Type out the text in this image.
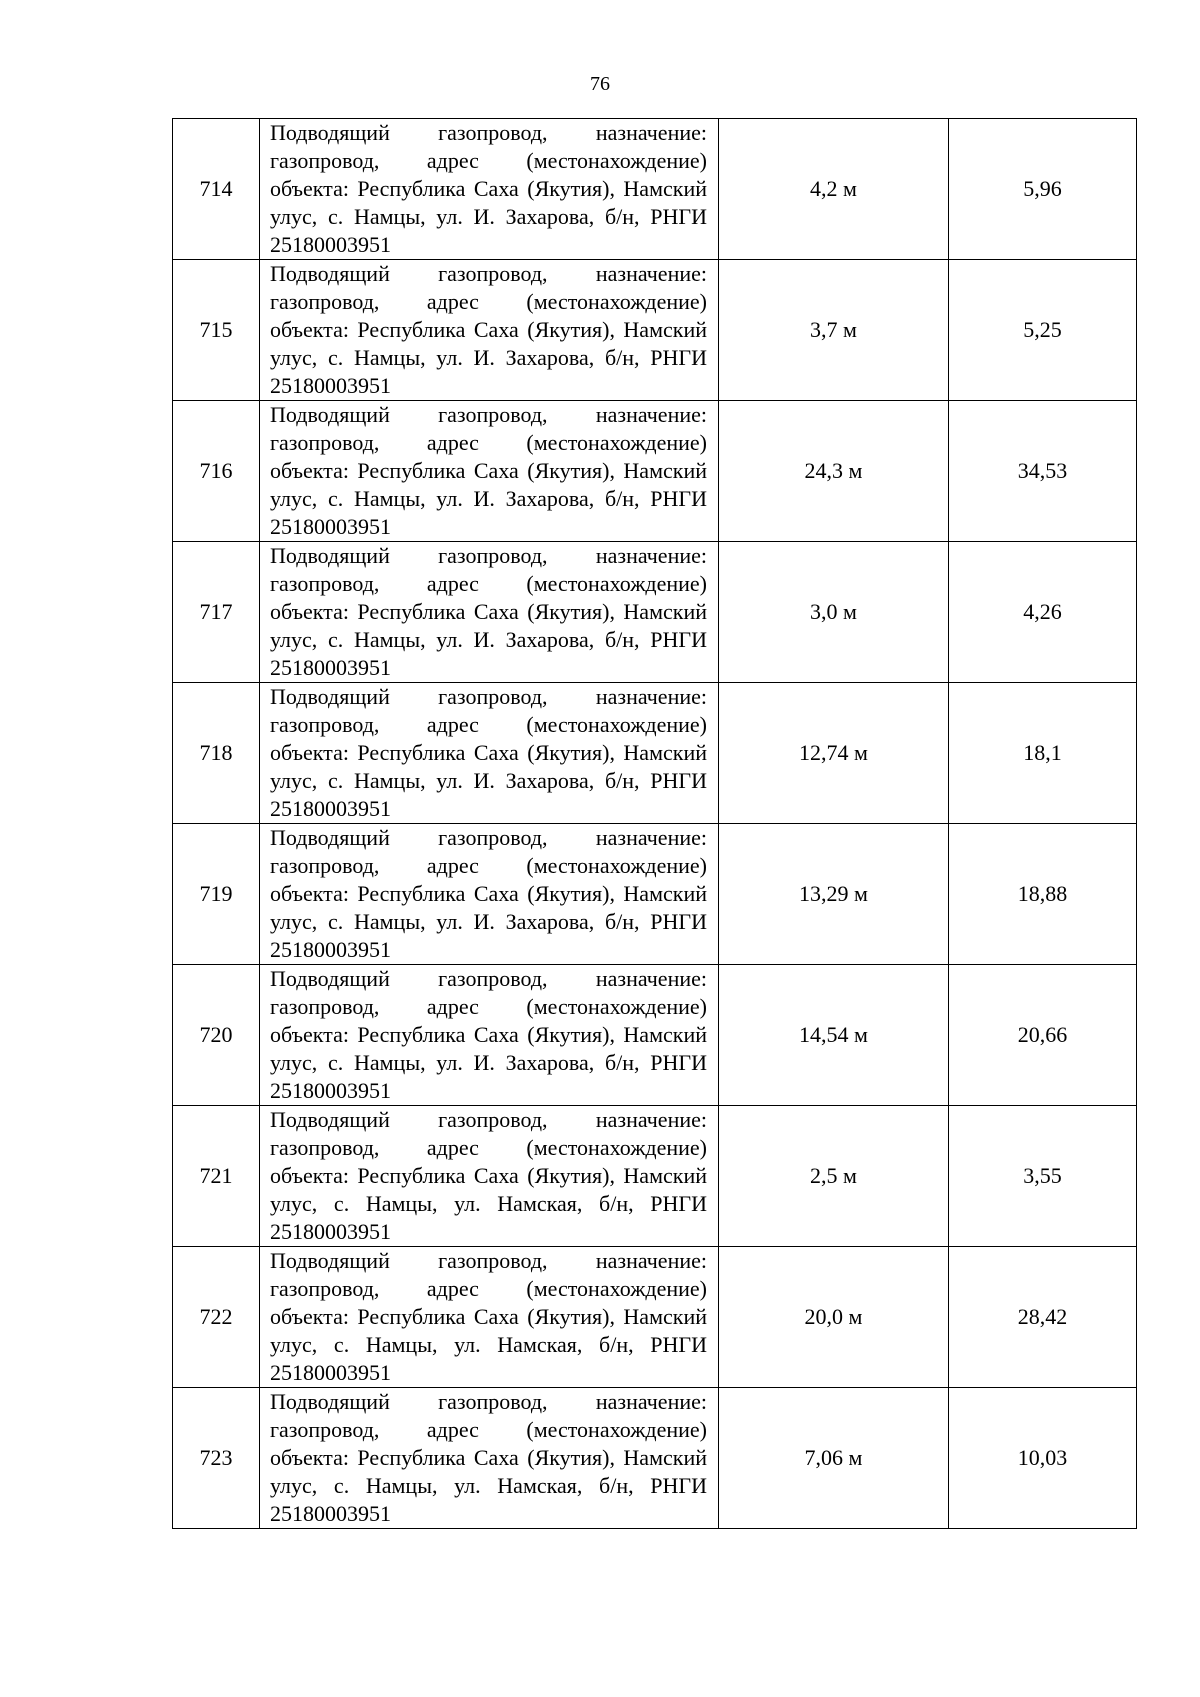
76
714	Подводящий газопровод, назначение: газопровод, адрес (местонахождение) объекта: Республика Саха (Якутия), Намский улус, с. Намцы, ул. И. Захарова, б/н, РНГИ 25180003951	4,2 м	5,96
715	Подводящий газопровод, назначение: газопровод, адрес (местонахождение) объекта: Республика Саха (Якутия), Намский улус, с. Намцы, ул. И. Захарова, б/н, РНГИ 25180003951	3,7 м	5,25
716	Подводящий газопровод, назначение: газопровод, адрес (местонахождение) объекта: Республика Саха (Якутия), Намский улус, с. Намцы, ул. И. Захарова, б/н, РНГИ 25180003951	24,3 м	34,53
717	Подводящий газопровод, назначение: газопровод, адрес (местонахождение) объекта: Республика Саха (Якутия), Намский улус, с. Намцы, ул. И. Захарова, б/н, РНГИ 25180003951	3,0 м	4,26
718	Подводящий газопровод, назначение: газопровод, адрес (местонахождение) объекта: Республика Саха (Якутия), Намский улус, с. Намцы, ул. И. Захарова, б/н, РНГИ 25180003951	12,74 м	18,1
719	Подводящий газопровод, назначение: газопровод, адрес (местонахождение) объекта: Республика Саха (Якутия), Намский улус, с. Намцы, ул. И. Захарова, б/н, РНГИ 25180003951	13,29 м	18,88
720	Подводящий газопровод, назначение: газопровод, адрес (местонахождение) объекта: Республика Саха (Якутия), Намский улус, с. Намцы, ул. И. Захарова, б/н, РНГИ 25180003951	14,54 м	20,66
721	Подводящий газопровод, назначение: газопровод, адрес (местонахождение) объекта: Республика Саха (Якутия), Намский улус, с. Намцы, ул. Намская, б/н, РНГИ 25180003951	2,5 м	3,55
722	Подводящий газопровод, назначение: газопровод, адрес (местонахождение) объекта: Республика Саха (Якутия), Намский улус, с. Намцы, ул. Намская, б/н, РНГИ 25180003951	20,0 м	28,42
723	Подводящий газопровод, назначение: газопровод, адрес (местонахождение) объекта: Республика Саха (Якутия), Намский улус, с. Намцы, ул. Намская, б/н, РНГИ 25180003951	7,06 м	10,03
